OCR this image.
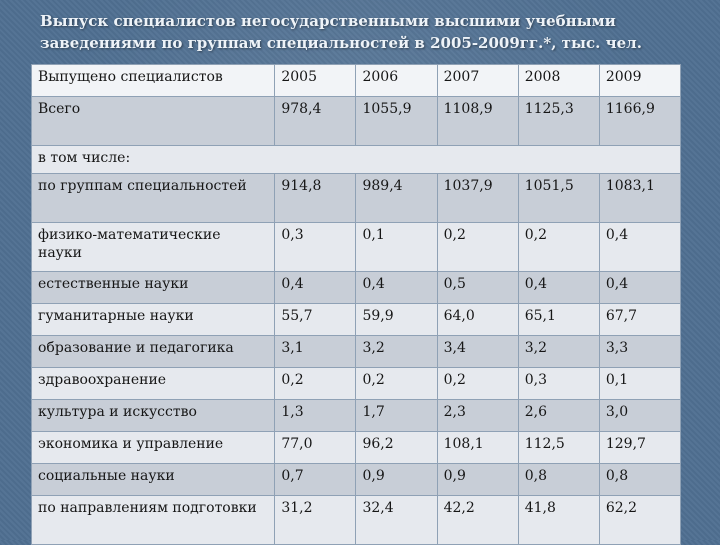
Выпуск специалистов негосударственными высшими учебными
заведениями по группам специальностей в 2005-2009гг.*, тыс. чел.
Выпущено специалистов	2005	2006	2007	2008	2009
Всего	978,4	1055,9	1108,9	1125,3	1166,9
в том числе:					
по группам специальностей	914,8	989,4	1037,9	1051,5	1083,1
физико-математические науки	0,3	0,1	0,2	0,2	0,4
естественные науки	0,4	0,4	0,5	0,4	0,4
гуманитарные науки	55,7	59,9	64,0	65,1	67,7
образование и педагогика	3,1	3,2	3,4	3,2	3,3
здравоохранение	0,2	0,2	0,2	0,3	0,1
культура и искусство	1,3	1,7	2,3	2,6	3,0
экономика и управление	77,0	96,2	108,1	112,5	129,7
социальные науки	0,7	0,9	0,9	0,8	0,8
по направлениям подготовки	31,2	32,4	42,2	41,8	62,2
